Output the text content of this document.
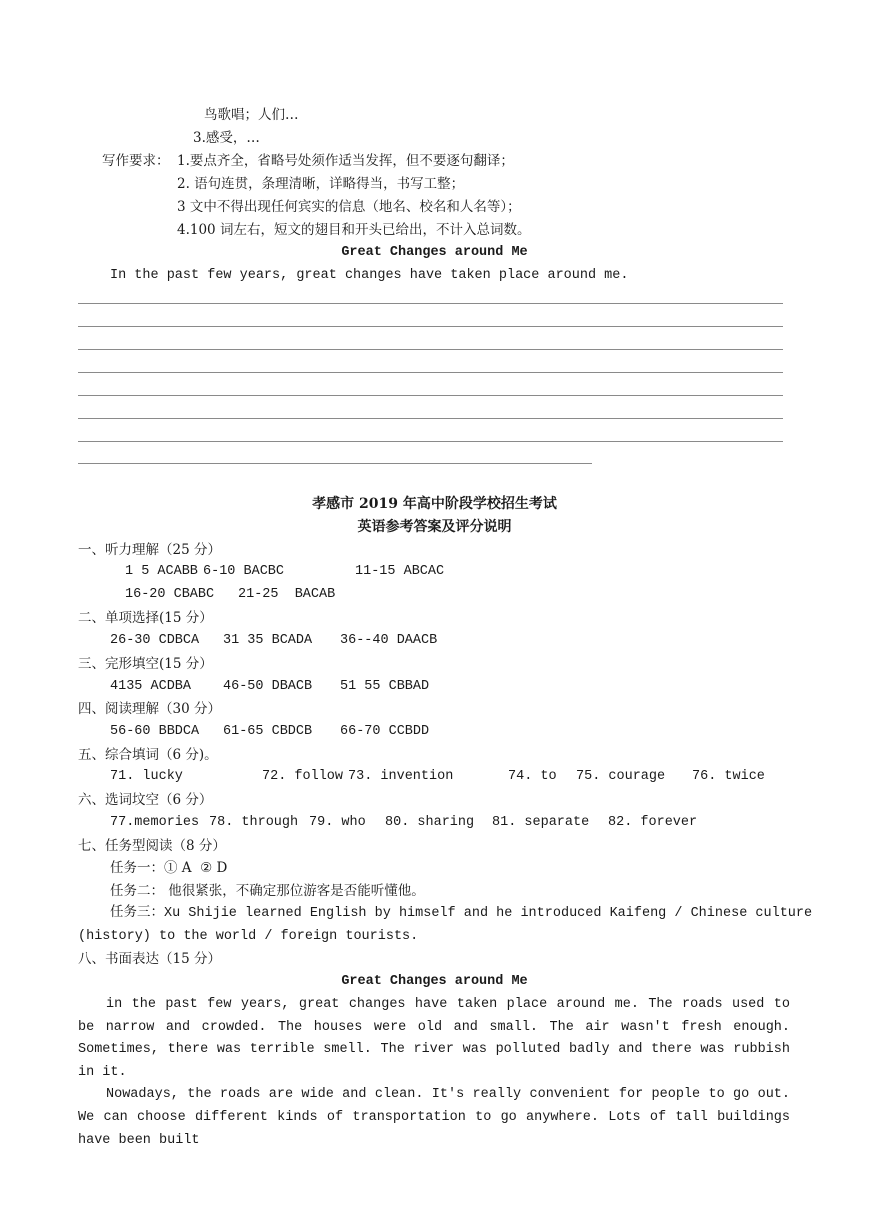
鸟歌唱；人们…
3.感受，…
写作要求： 1.要点齐全，省略号处须作适当发挥，但不要逐句翻译；
2. 语句连贯，条理清晰，详略得当，书写工整；
3 文中不得出现任何宾实的信息（地名、校名和人名等）；
4.100 词左右，短文的翅目和开头已给出，不计入总词数。
Great Changes around Me
In the past few years, great changes have taken place around me.
孝感市 2019 年高中阶段学校招生考试
英语参考答案及评分说明
一、听力理解（25 分）
1 5 ACABB 6-10 BACBC	11-15 ABCAC
16-20 CBABC 21-25  BACAB
二、单项选择(15 分）
26-30 CDBCA 31 35 BCADA 36--40 DAACB
三、完形填空(15 分）
4135 ACDBA 46-50 DBACB 51 55 CBBAD
四、阅读理解（30 分）
56-60 BBDCA 61-65 CBDCB 66-70 CCBDD
五、综合填词（6 分)。
71. lucky	72. follow 73. invention	74. to 75. courage 76. twice
六、选词坟空（6 分）
77.memories 78. through 79. who 80. sharing 81. separate 82. forever
七、任务型阅读（8 分）
任务一：① A  ② D
任务二： 他很紧张，不确定那位游客是否能听懂他。
任务三：Xu Shijie learned English by himself and he introduced Kaifeng / Chinese culture
(history) to the world / foreign tourists.
八、书面表达（15 分）
Great Changes around Me

in the past few years, great changes have taken place around me. The roads used to be narrow and crowded. The houses were old and small. The air wasn't fresh enough. Sometimes, there was terrible smell. The river was polluted badly and there was rubbish in it.

Nowadays, the roads are wide and clean. It's really convenient for people to go out. We can choose different kinds of transportation to go anywhere. Lots of tall buildings have been built
